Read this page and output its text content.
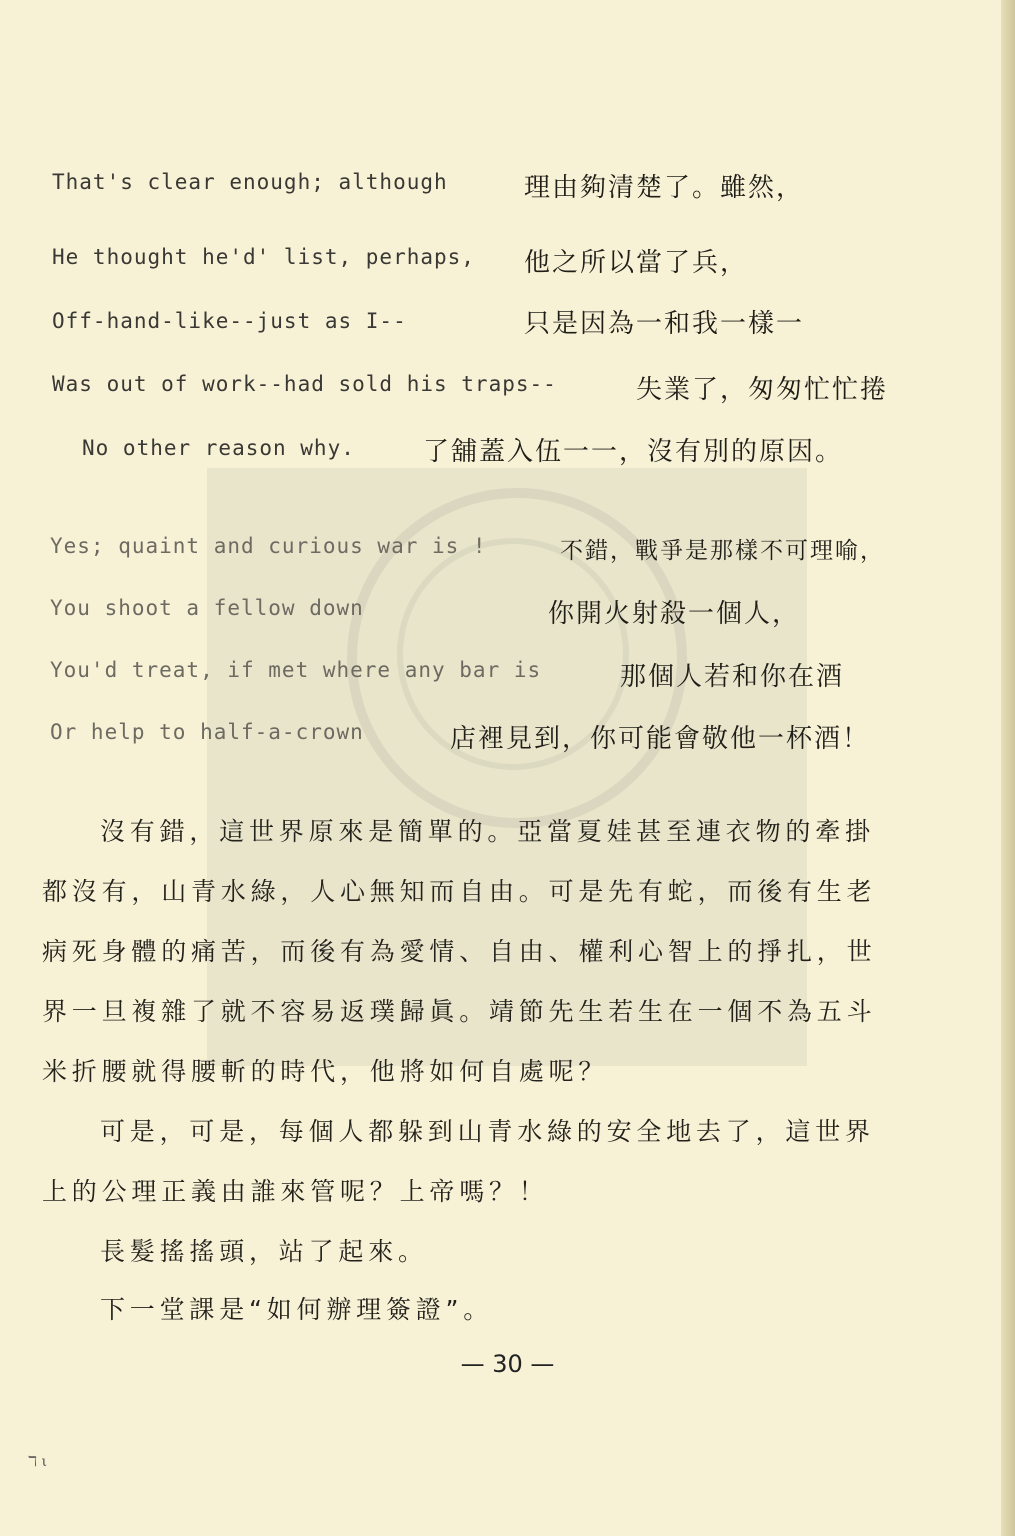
That's clear enough; although	理由夠清楚了。雖然，
He thought he'd' list, perhaps, 他之所以當了兵，
Off-hand-like--just as I--	只是因為一和我一樣一
Was out of work--had sold his traps--	失業了，匆匆忙忙捲
No other reason why.	了舖蓋入伍一一，沒有別的原因。
Yes; quaint and curious war is !	不錯，戰爭是那樣不可理喻，
You shoot a fellow down	你開火射殺一個人，
You'd treat, if met where any bar is	那個人若和你在酒
Or help to half-a-crown	店裡見到，你可能會敬他一杯酒！
沒有錯，這世界原來是簡單的。亞當夏娃甚至連衣物的牽掛
都沒有，山青水綠，人心無知而自由。可是先有蛇，而後有生老
病死身體的痛苦，而後有為愛情、自由、權利心智上的掙扎，世
界一旦複雜了就不容易返璞歸眞。靖節先生若生在一個不為五斗
米折腰就得腰斬的時代，他將如何自處呢？
可是，可是，每個人都躲到山青水綠的安全地去了，這世界
上的公理正義由誰來管呢？上帝嗎？！
長髮搖搖頭，站了起來。
下一堂課是“如何辦理簽證”。
— 30 —
ℸ ι
